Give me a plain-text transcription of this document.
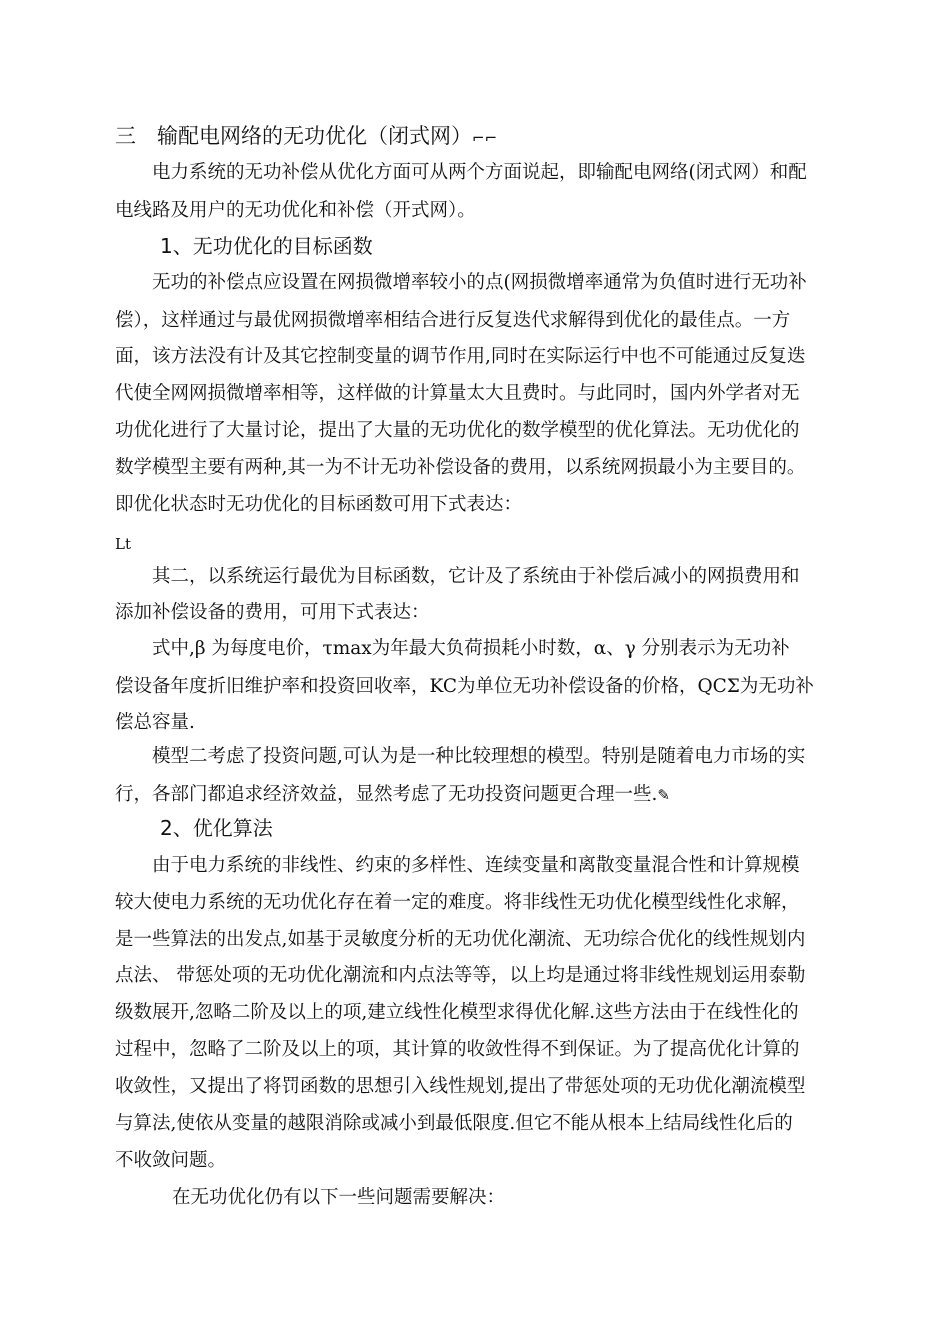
三　输配电网络的无功优化（闭式网）⌐⌐
电力系统的无功补偿从优化方面可从两个方面说起，即输配电网络(闭式网）和配
电线路及用户的无功优化和补偿（开式网）。
1、无功优化的目标函数
无功的补偿点应设置在网损微增率较小的点(网损微增率通常为负值时进行无功补
偿），这样通过与最优网损微增率相结合进行反复迭代求解得到优化的最佳点。一方
面，该方法没有计及其它控制变量的调节作用,同时在实际运行中也不可能通过反复迭
代使全网网损微增率相等，这样做的计算量太大且费时。与此同时，国内外学者对无
功优化进行了大量讨论，提出了大量的无功优化的数学模型的优化算法。无功优化的
数学模型主要有两种,其一为不计无功补偿设备的费用，以系统网损最小为主要目的。
即优化状态时无功优化的目标函数可用下式表达：
Lt
其二，以系统运行最优为目标函数，它计及了系统由于补偿后减小的网损费用和
添加补偿设备的费用，可用下式表达：
式中,β 为每度电价，τmax为年最大负荷损耗小时数，α、γ 分别表示为无功补
偿设备年度折旧维护率和投资回收率，KC为单位无功补偿设备的价格，QCΣ为无功补
偿总容量.
模型二考虑了投资问题,可认为是一种比较理想的模型。特别是随着电力市场的实
行，各部门都追求经济效益，显然考虑了无功投资问题更合理一些.✎
2、优化算法
由于电力系统的非线性、约束的多样性、连续变量和离散变量混合性和计算规模
较大使电力系统的无功优化存在着一定的难度。将非线性无功优化模型线性化求解，
是一些算法的出发点,如基于灵敏度分析的无功优化潮流、无功综合优化的线性规划内
点法、 带惩处项的无功优化潮流和内点法等等，以上均是通过将非线性规划运用泰勒
级数展开,忽略二阶及以上的项,建立线性化模型求得优化解.这些方法由于在线性化的
过程中，忽略了二阶及以上的项，其计算的收敛性得不到保证。为了提高优化计算的
收敛性，又提出了将罚函数的思想引入线性规划,提出了带惩处项的无功优化潮流模型
与算法,使依从变量的越限消除或减小到最低限度.但它不能从根本上结局线性化后的
不收敛问题。
在无功优化仍有以下一些问题需要解决：
